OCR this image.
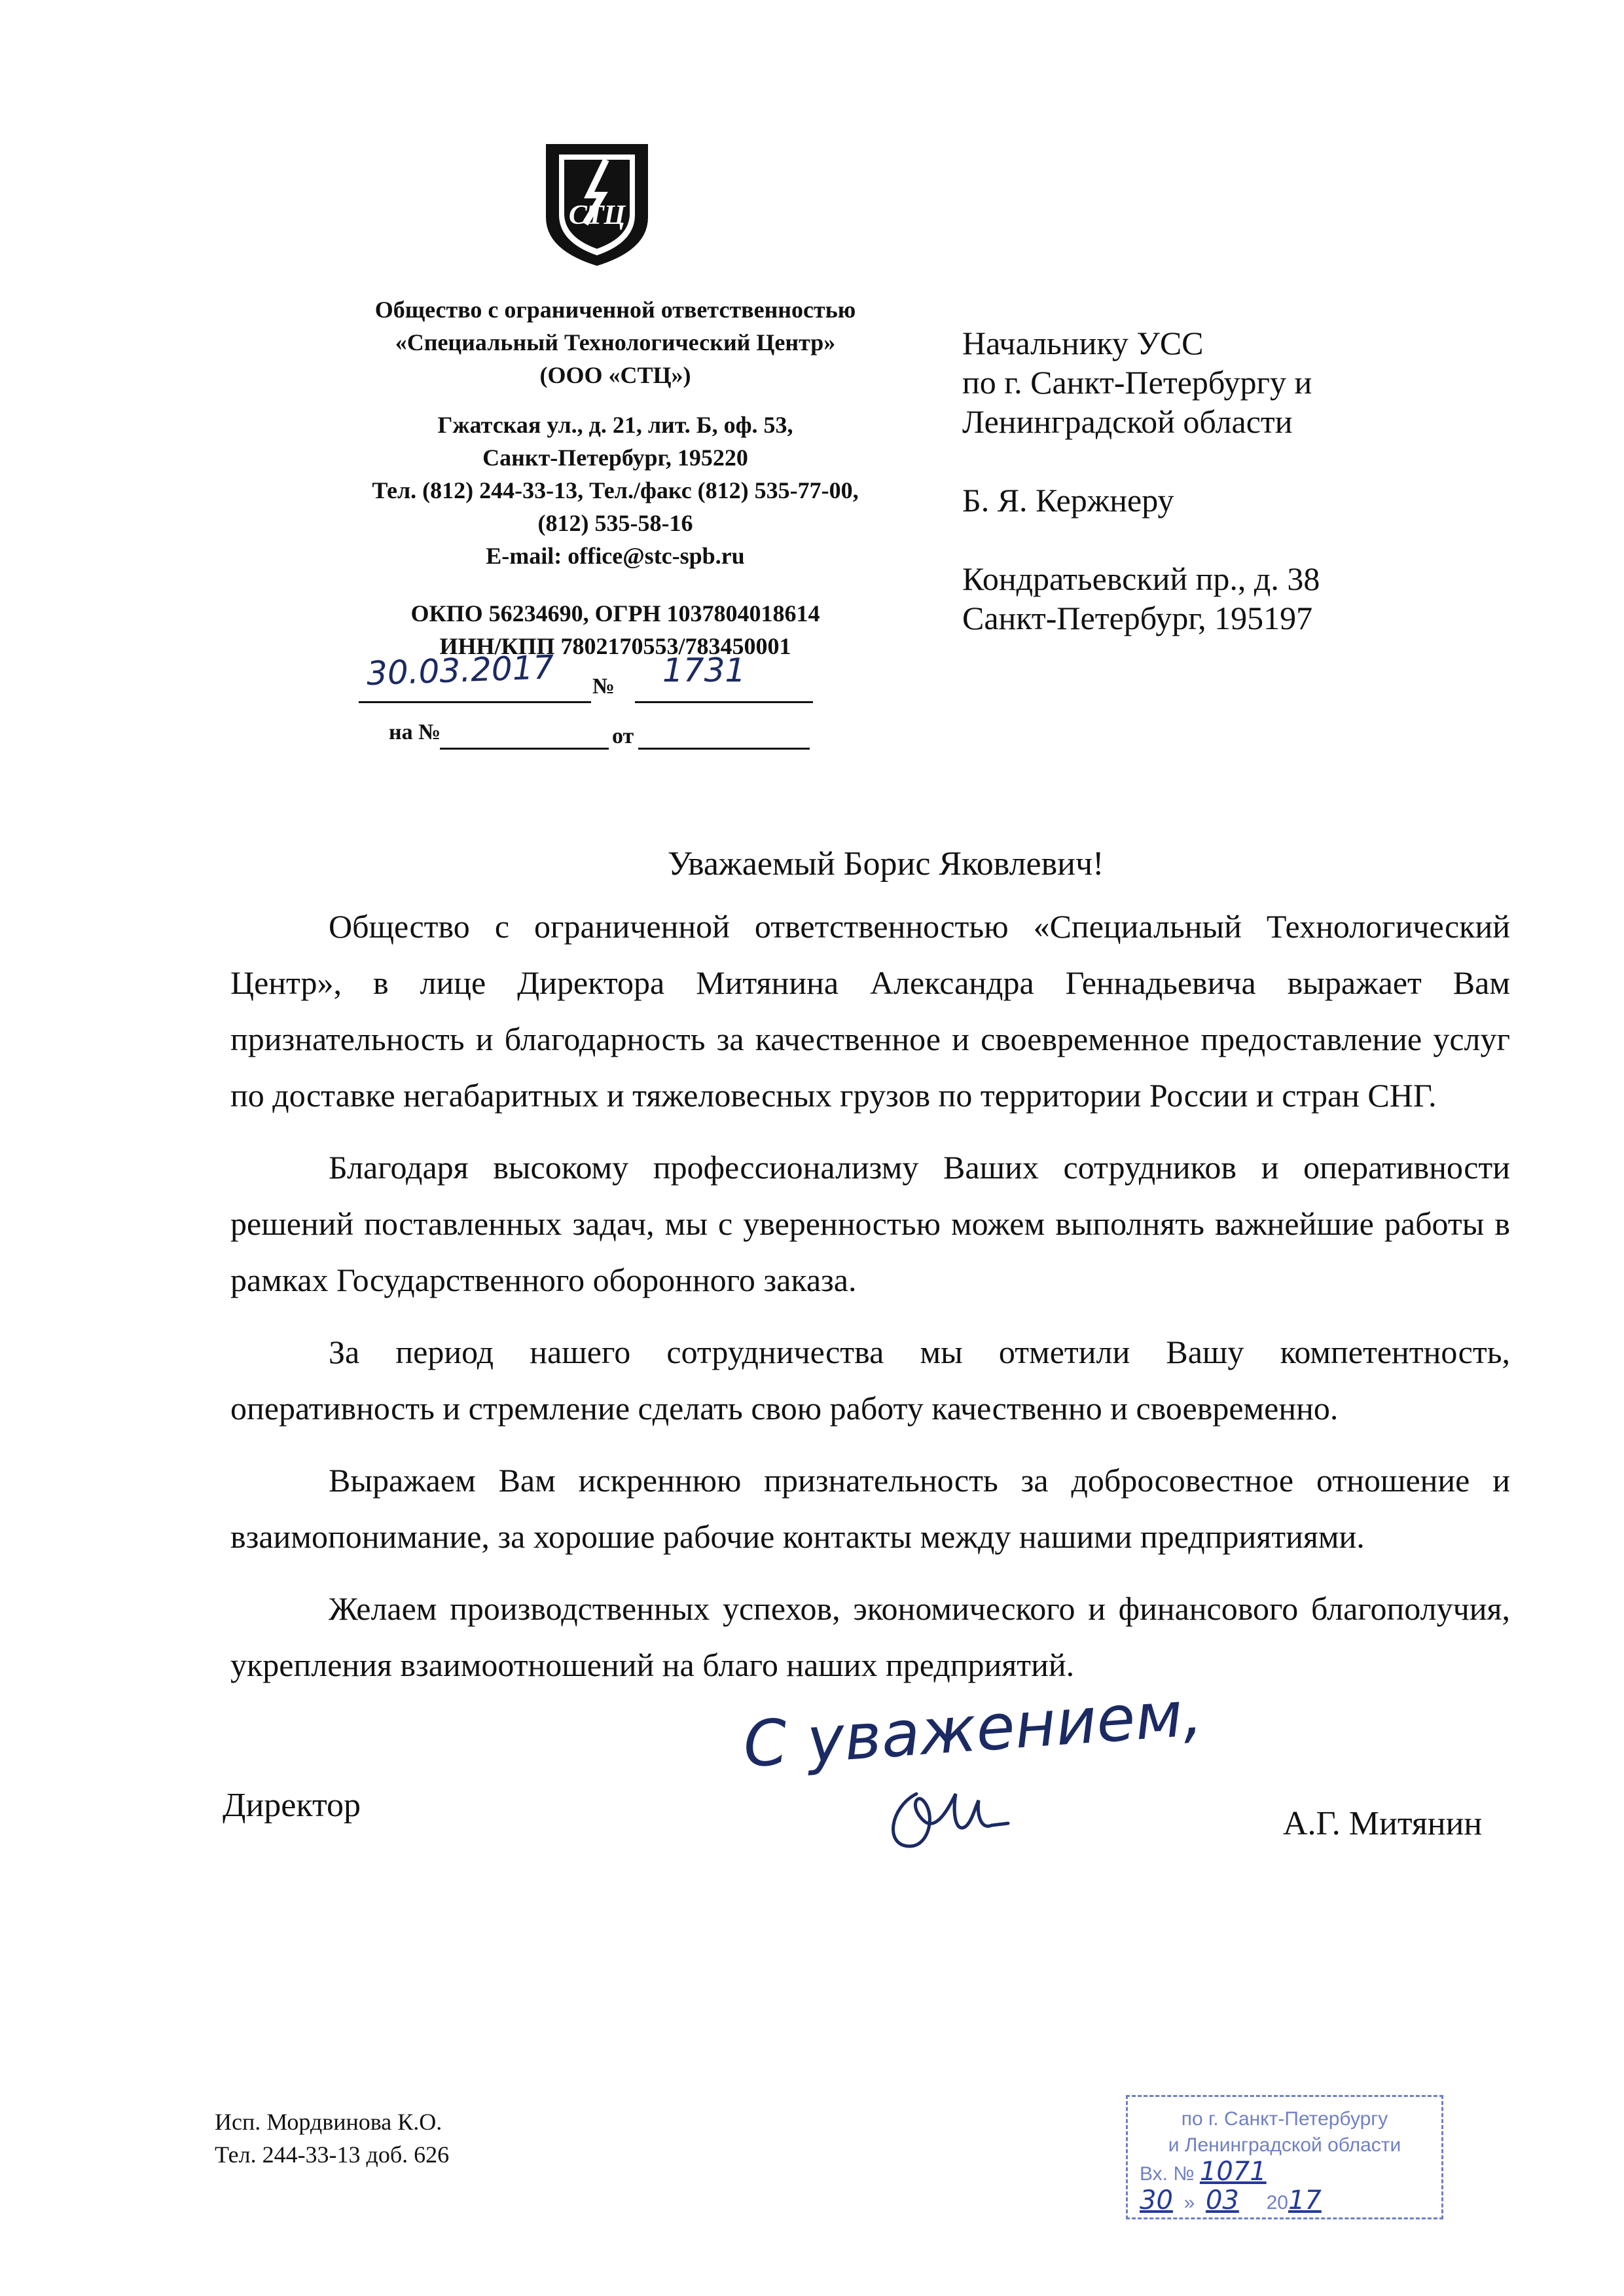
СТЦ
Общество с ограниченной ответственностью
«Специальный Технологический Центр»
(ООО «СТЦ»)
Гжатская ул., д. 21, лит. Б, оф. 53,
Санкт-Петербург, 195220
Тел. (812) 244-33-13, Тел./факс (812) 535-77-00,
(812) 535-58-16
E-mail: office@stc-spb.ru
ОКПО 56234690, ОГРН 1037804018614
ИНН/КПП 7802170553/783450001
30.03.2017 № 1731
на №	от
Начальнику УСС
по г. Санкт-Петербургу и
Ленинградской области
Б. Я. Кержнеру
Кондратьевский пр., д. 38
Санкт-Петербург, 195197
Уважаемый Борис Яковлевич!

Общество с ограниченной ответственностью «Специальный Технологический Центр», в лице Директора Митянина Александра Геннадьевича выражает Вам признательность и благодарность за качественное и своевременное предоставление услуг по доставке негабаритных и тяжеловесных грузов по территории России и стран СНГ.

Благодаря высокому профессионализму Ваших сотрудников и оперативности решений поставленных задач, мы с уверенностью можем выполнять важнейшие работы в рамках Государственного оборонного заказа.

За период нашего сотрудничества мы отметили Вашу компетентность, оперативность и стремление сделать свою работу качественно и своевременно.

Выражаем Вам искреннюю признательность за добросовестное отношение и взаимопонимание, за хорошие рабочие контакты между нашими предприятиями.

Желаем производственных успехов, экономического и финансового благополучия, укрепления взаимоотношений на благо наших предприятий.

С уважением,
Директор	А.Г. Митянин
Исп. Мордвинова К.О.
Тел. 244-33-13 доб. 626
по г. Санкт-Петербургу
и Ленинградской области
Вх. № 1071
30  »  03 2017
